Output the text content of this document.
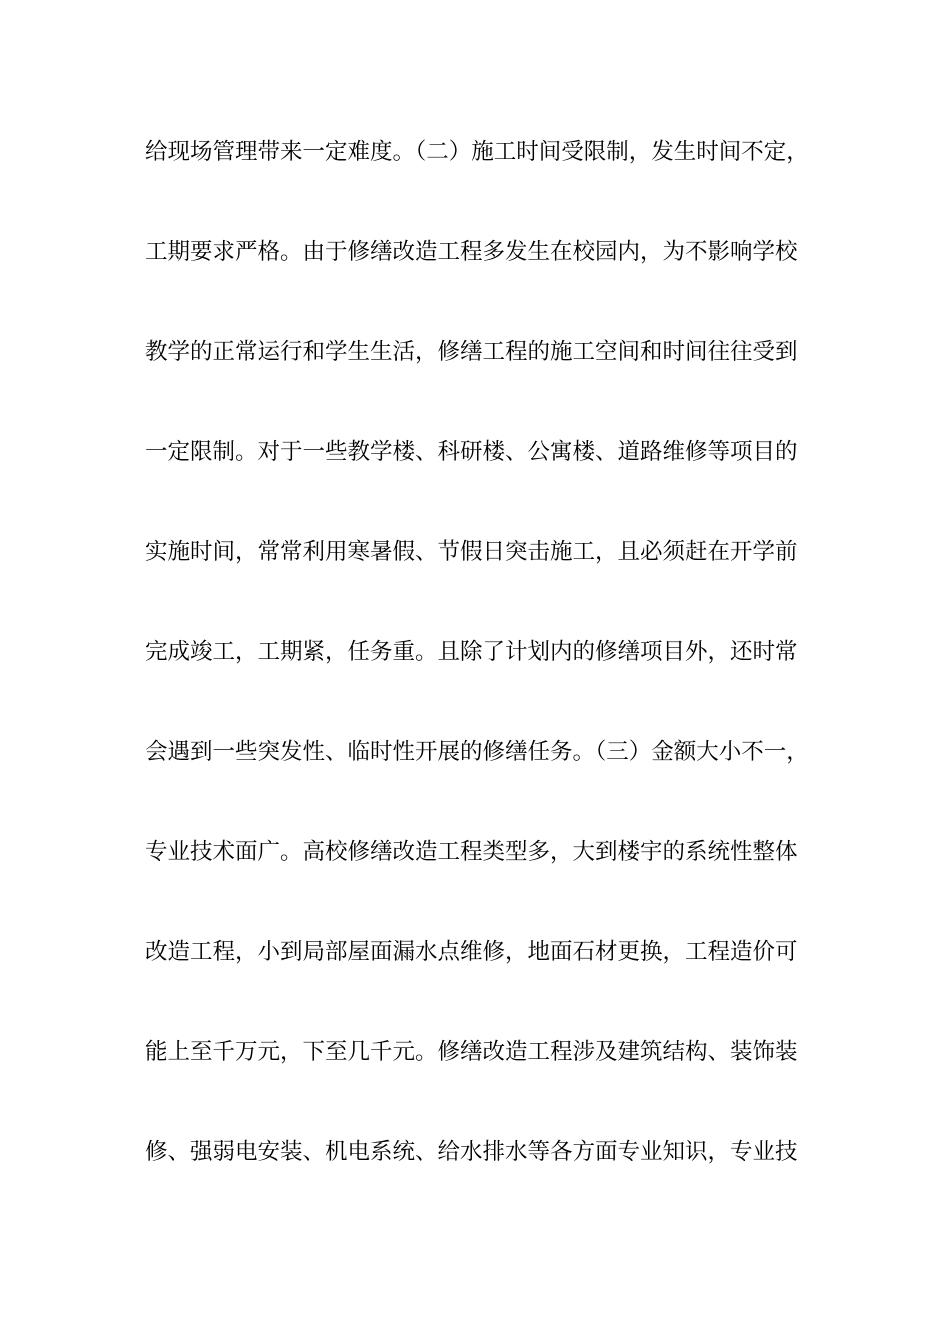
给现场管理带来一定难度。（二）施工时间受限制，发生时间不定，
工期要求严格。由于修缮改造工程多发生在校园内，为不影响学校
教学的正常运行和学生生活，修缮工程的施工空间和时间往往受到
一定限制。对于一些教学楼、科研楼、公寓楼、道路维修等项目的
实施时间，常常利用寒暑假、节假日突击施工，且必须赶在开学前
完成竣工，工期紧，任务重。且除了计划内的修缮项目外，还时常
会遇到一些突发性、临时性开展的修缮任务。（三）金额大小不一，
专业技术面广。高校修缮改造工程类型多，大到楼宇的系统性整体
改造工程，小到局部屋面漏水点维修，地面石材更换，工程造价可
能上至千万元，下至几千元。修缮改造工程涉及建筑结构、装饰装
修、强弱电安装、机电系统、给水排水等各方面专业知识，专业技
